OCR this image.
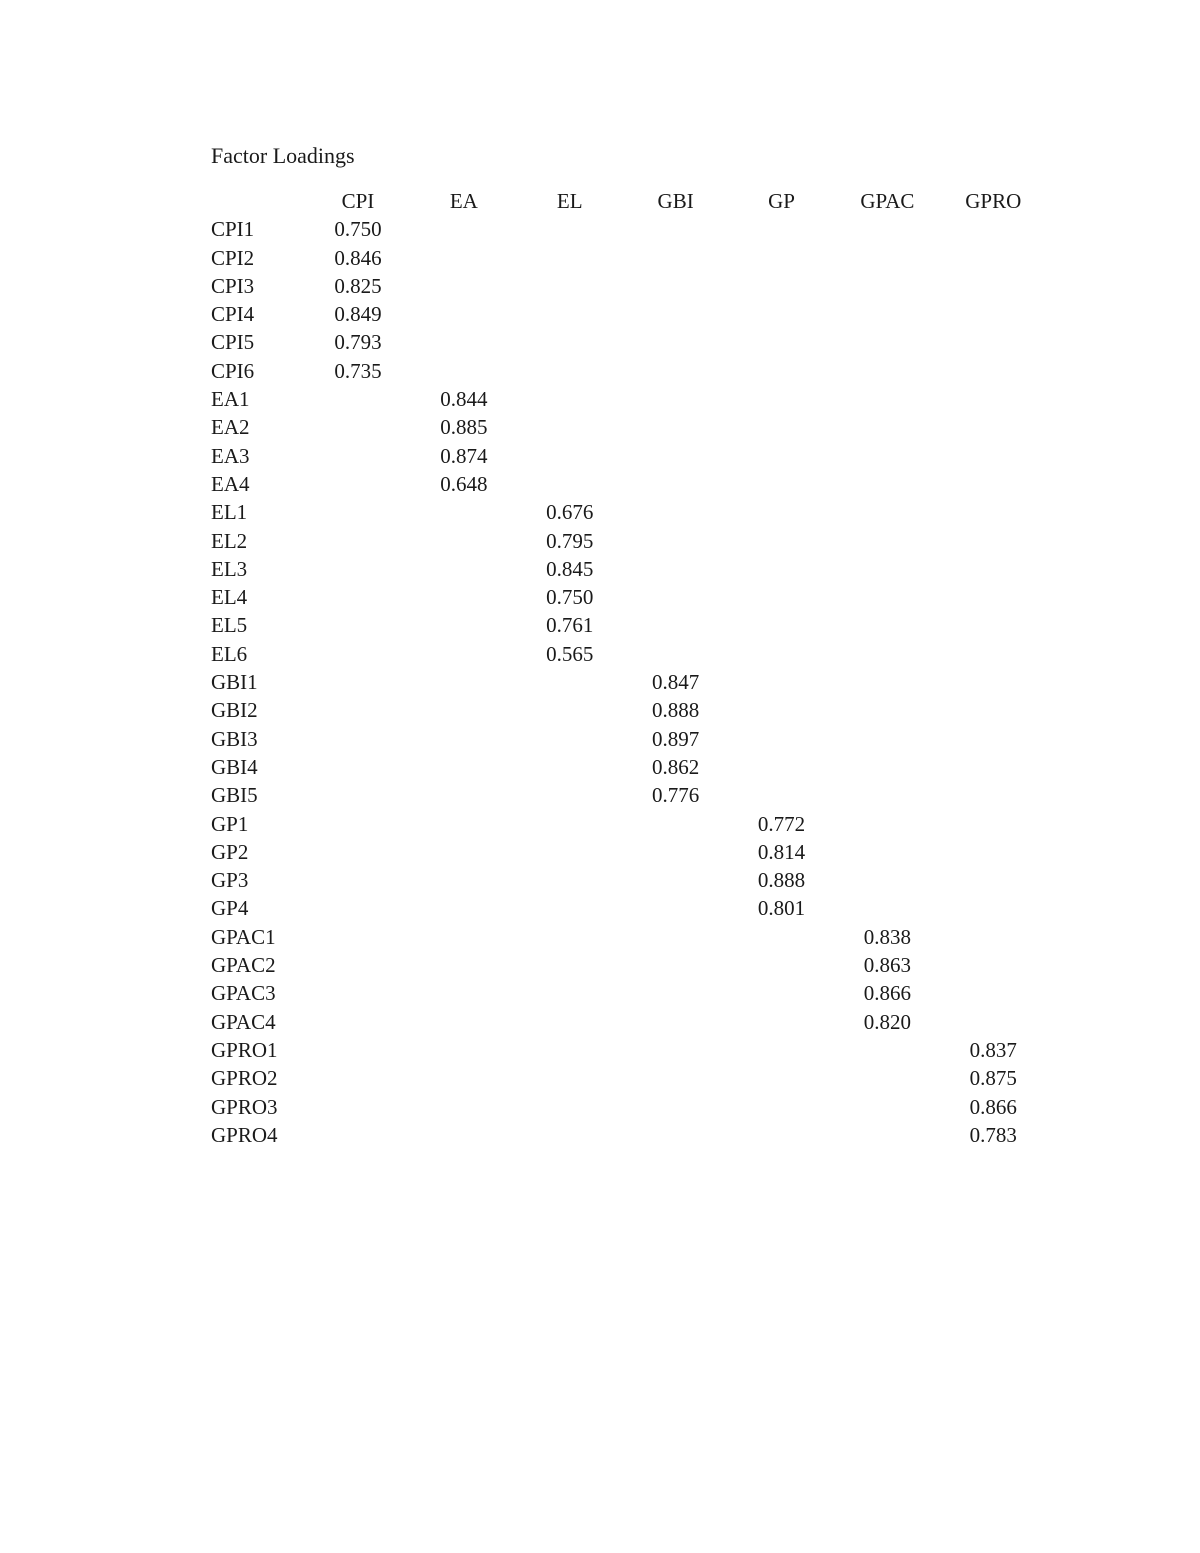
Factor Loadings
	CPI	EA	EL	GBI	GP	GPAC	GPRO
CPI1	0.750						
CPI2	0.846						
CPI3	0.825						
CPI4	0.849						
CPI5	0.793						
CPI6	0.735						
EA1		0.844					
EA2		0.885					
EA3		0.874					
EA4		0.648					
EL1			0.676				
EL2			0.795				
EL3			0.845				
EL4			0.750				
EL5			0.761				
EL6			0.565				
GBI1				0.847			
GBI2				0.888			
GBI3				0.897			
GBI4				0.862			
GBI5				0.776			
GP1					0.772		
GP2					0.814		
GP3					0.888		
GP4					0.801		
GPAC1						0.838	
GPAC2						0.863	
GPAC3						0.866	
GPAC4						0.820	
GPRO1							0.837
GPRO2							0.875
GPRO3							0.866
GPRO4							0.783
